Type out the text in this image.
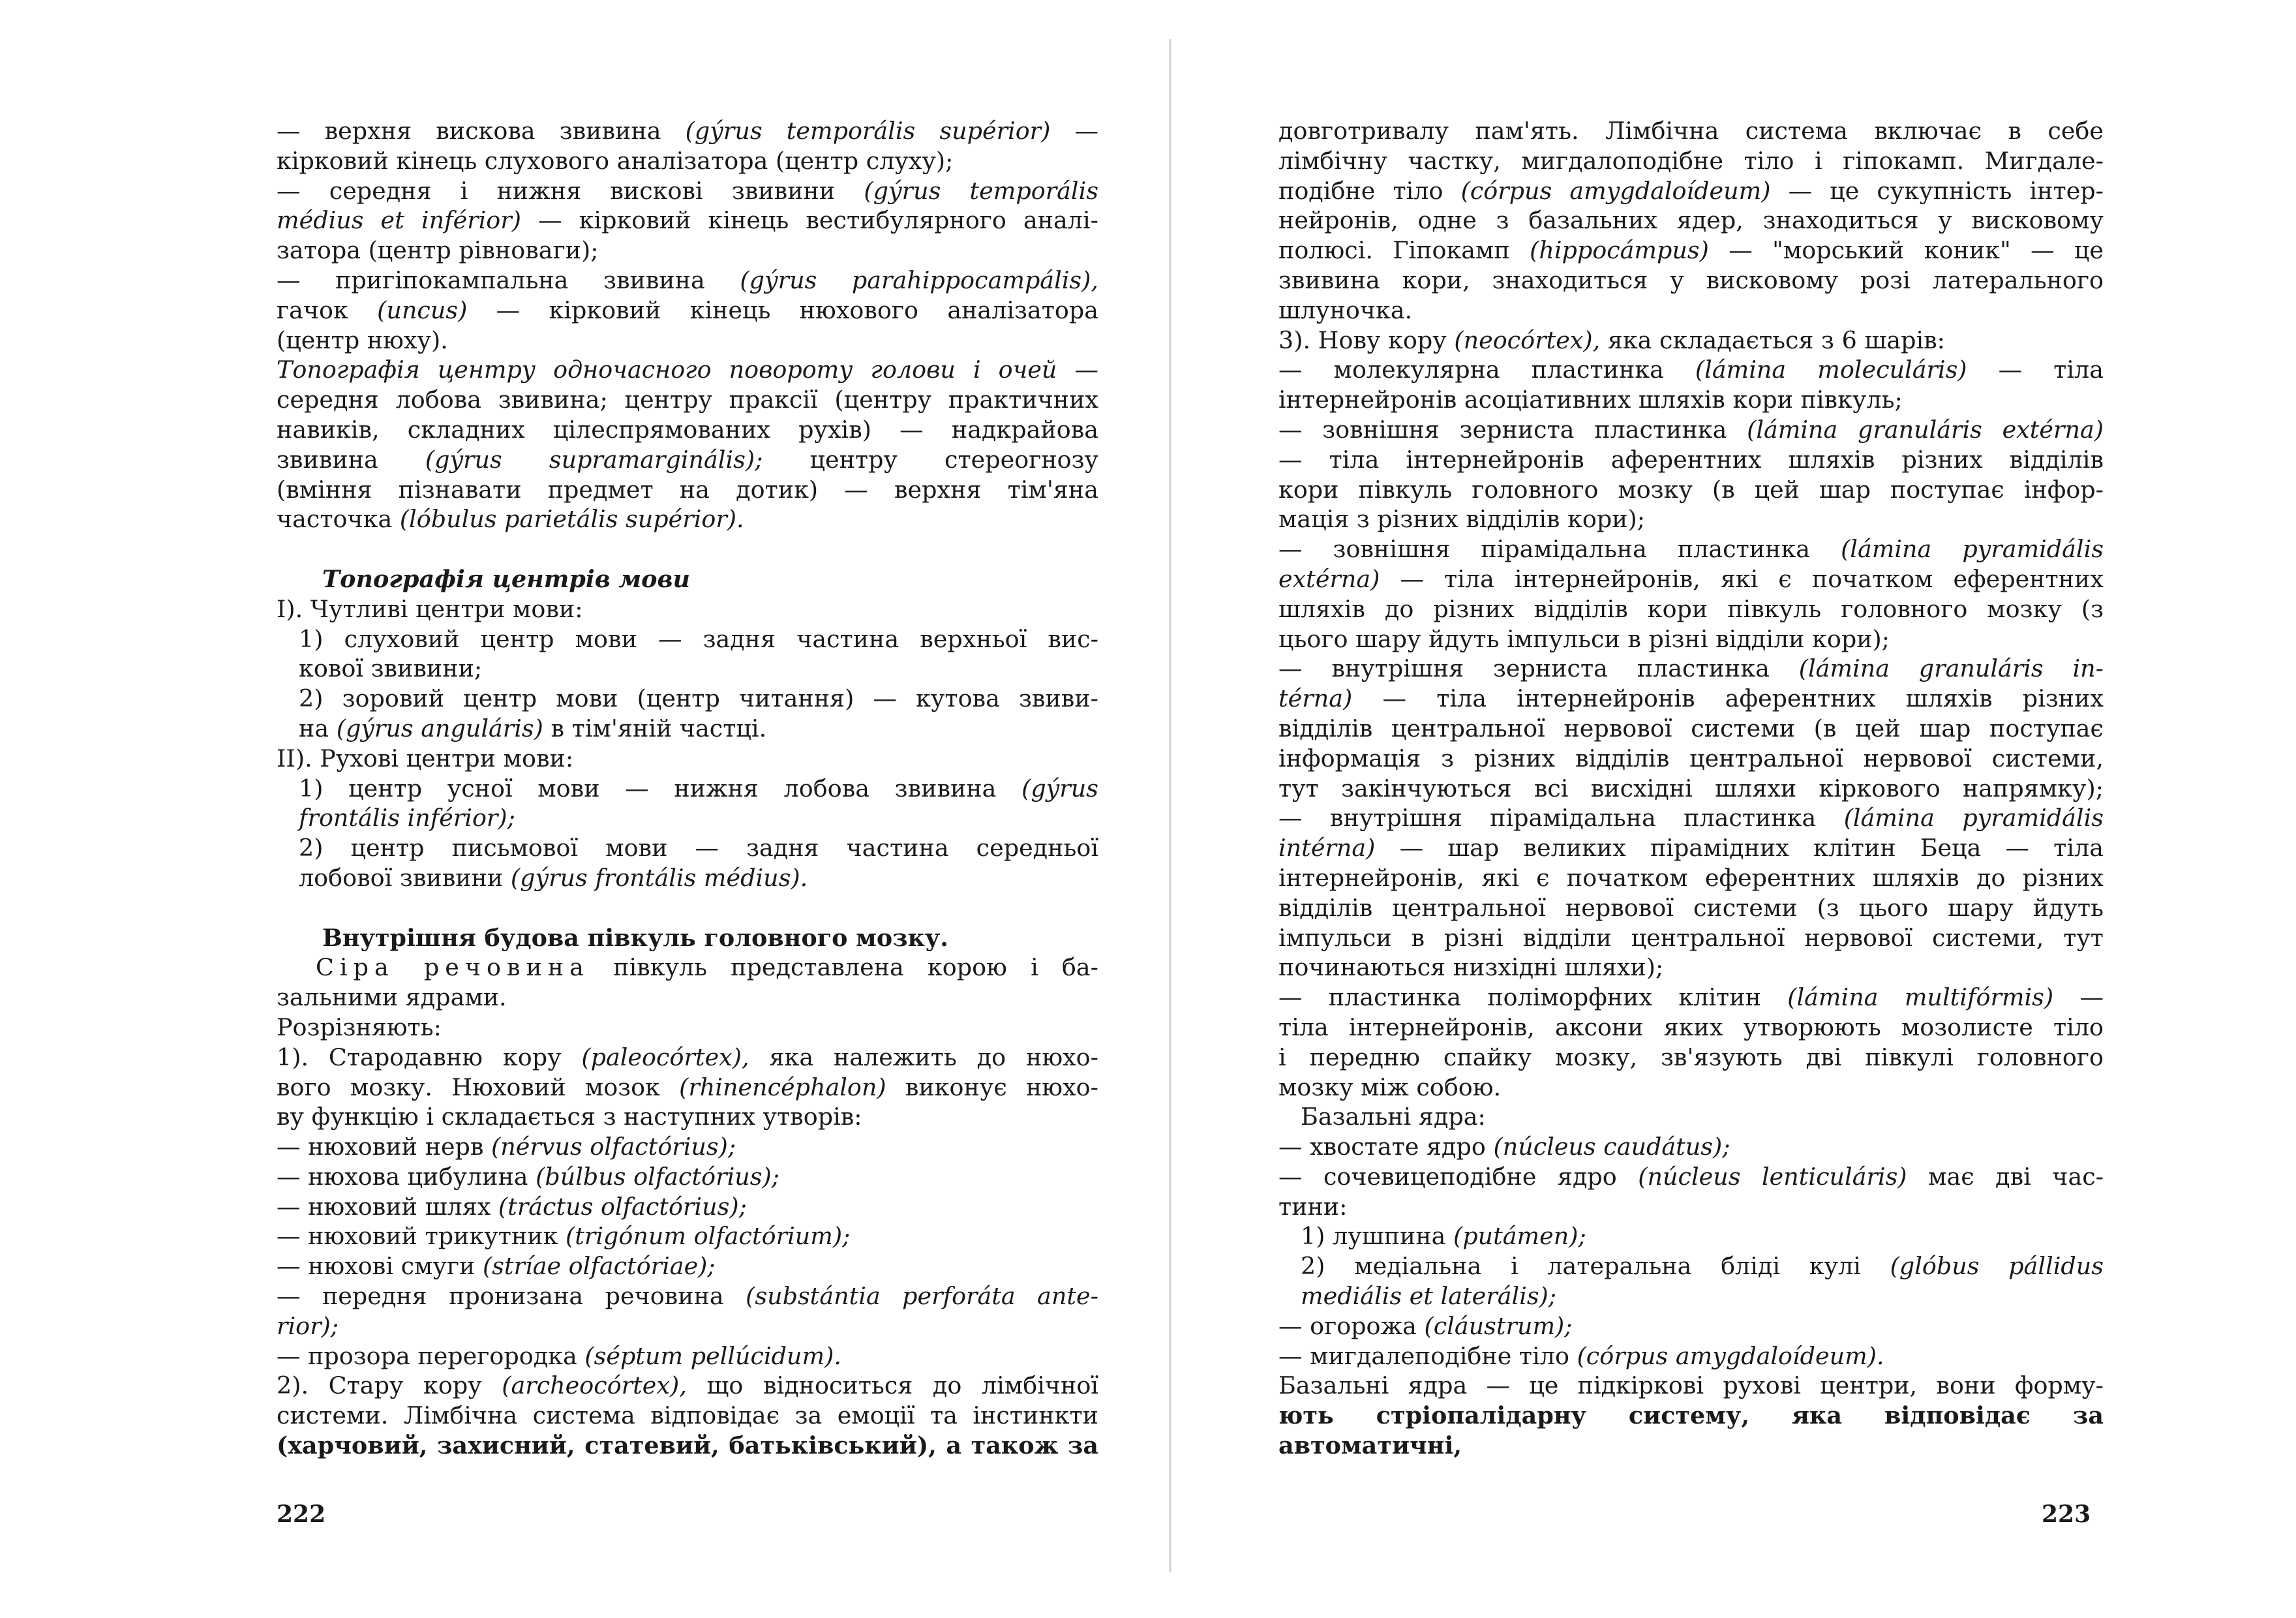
— верхня вискова звивина (gýrus temporális supérior) —
кірковий кінець слухового аналізатора (центр слуху);
— середня і нижня вискові звивини (gýrus temporális
médius et inférior) — кірковий кінець вестибулярного аналі-
затора (центр рівноваги);
— пригіпокампальна звивина (gýrus parahippocampális),
гачок (uncus) — кірковий кінець нюхового аналізатора
(центр нюху).
Топографія центру одночасного повороту голови і очей —
середня лобова звивина; центру праксії (центру практичних
навиків, складних цілеспрямованих рухів) — надкрайова
звивина (gýrus supramarginális); центру стереогнозу
(вміння пізнавати предмет на дотик) — верхня тім'яна
часточка (lóbulus parietális supérior).
Топографія центрів мови
І). Чутливі центри мови:
1) слуховий центр мови — задня частина верхньої вис-
кової звивини;
2) зоровий центр мови (центр читання) — кутова звиви-
на (gýrus anguláris) в тім'яній частці.
ІІ). Рухові центри мови:
1) центр усної мови — нижня лобова звивина (gýrus
frontális inférior);
2) центр письмової мови — задня частина середньої
лобової звивини (gýrus frontális médius).
Внутрішня будова півкуль головного мозку.
Сіра речовина півкуль представлена корою і ба-
зальними ядрами.
Розрізняють:
1). Стародавню кору (paleocórtex), яка належить до нюхо-
вого мозку. Нюховий мозок (rhinencéphalon) виконує нюхо-
ву функцію і складається з наступних утворів:
— нюховий нерв (nérvus olfactórius);
— нюхова цибулина (búlbus olfactórius);
— нюховий шлях (tráctus olfactórius);
— нюховий трикутник (trigónum olfactórium);
— нюхові смуги (stríae olfactóriae);
— передня пронизана речовина (substántia perforáta ante-
rior);
— прозора перегородка (séptum pellúcidum).
2). Стару кору (archeocórtex), що відноситься до лімбічної
системи. Лімбічна система відповідає за емоції та інстинкти
(харчовий, захисний, статевий, батьківський), а також за
222
довготривалу пам'ять. Лімбічна система включає в себе
лімбічну частку, мигдалоподібне тіло і гіпокамп. Мигдале-
подібне тіло (córpus amygdaloídeum) — це сукупність інтер-
нейронів, одне з базальних ядер, знаходиться у висковому
полюсі. Гіпокамп (hippocámpus) — "морський коник" — це
звивина кори, знаходиться у висковому розі латерального
шлуночка.
3). Нову кору (neocórtex), яка складається з 6 шарів:
— молекулярна пластинка (lámina moleculáris) — тіла
інтернейронів асоціативних шляхів кори півкуль;
— зовнішня зерниста пластинка (lámina granuláris extérna)
— тіла інтернейронів аферентних шляхів різних відділів
кори півкуль головного мозку (в цей шар поступає інфор-
мація з різних відділів кори);
— зовнішня пірамідальна пластинка (lámina pyramidális
extérna) — тіла інтернейронів, які є початком еферентних
шляхів до різних відділів кори півкуль головного мозку (з
цього шару йдуть імпульси в різні відділи кори);
— внутрішня зерниста пластинка (lámina granuláris in-
térna) — тіла інтернейронів аферентних шляхів різних
відділів центральної нервової системи (в цей шар поступає
інформація з різних відділів центральної нервової системи,
тут закінчуються всі висхідні шляхи кіркового напрямку);
— внутрішня пірамідальна пластинка (lámina pyramidális
intérna) — шар великих пірамідних клітин Беца — тіла
інтернейронів, які є початком еферентних шляхів до різних
відділів центральної нервової системи (з цього шару йдуть
імпульси в різні відділи центральної нервової системи, тут
починаються низхідні шляхи);
— пластинка поліморфних клітин (lámina multifórmis) —
тіла інтернейронів, аксони яких утворюють мозолисте тіло
і передню спайку мозку, зв'язують дві півкулі головного
мозку між собою.
Базальні ядра:
— хвостате ядро (núcleus caudátus);
— сочевицеподібне ядро (núcleus lenticuláris) має дві час-
тини:
1) лушпина (putámen);
2) медіальна і латеральна бліді кулі (glóbus pállidus
mediális et laterális);
— огорожа (cláustrum);
— мигдалеподібне тіло (córpus amygdaloídeum).
Базальні ядра — це підкіркові рухові центри, вони форму-
ють стріопалідарну систему, яка відповідає за автоматичні,
223
